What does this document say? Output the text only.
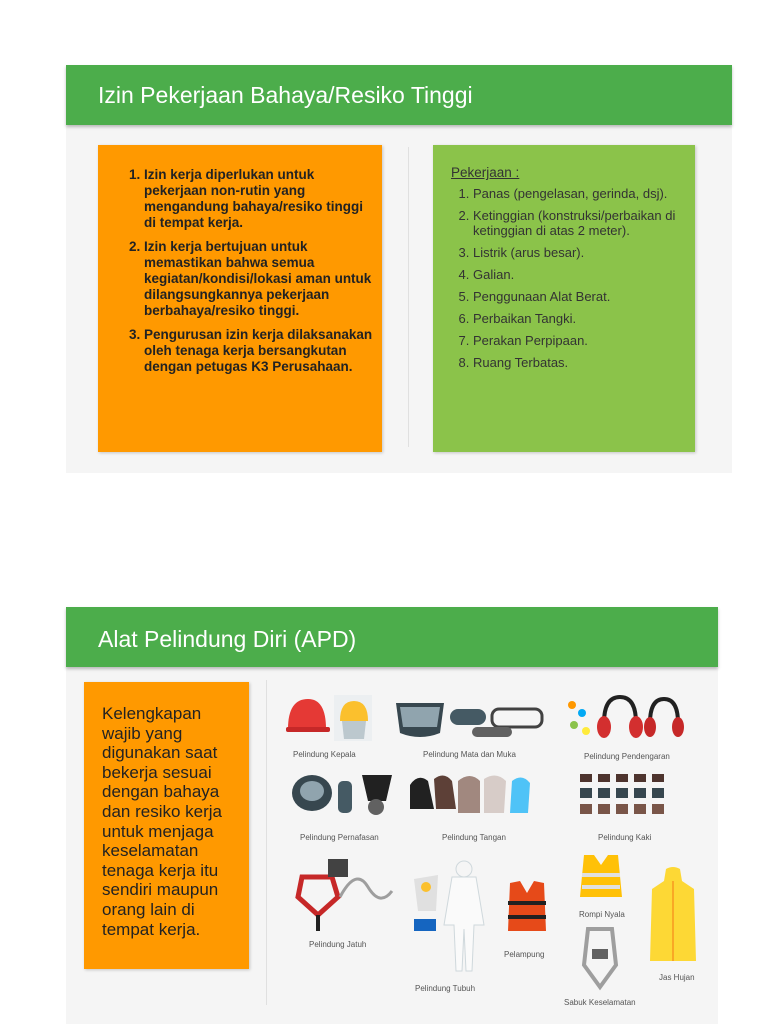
Izin Pekerjaan Bahaya/Resiko Tinggi
1. Izin kerja diperlukan untuk pekerjaan non-rutin yang mengandung bahaya/resiko tinggi di tempat kerja.
2. Izin kerja bertujuan untuk memastikan bahwa semua kegiatan/kondisi/lokasi aman untuk dilangsungkannya pekerjaan berbahaya/resiko tinggi.
3. Pengurusan izin kerja dilaksanakan oleh tenaga kerja bersangkutan dengan petugas K3 Perusahaan.
Pekerjaan :
1. Panas (pengelasan, gerinda, dsj).
2. Ketinggian (konstruksi/perbaikan di ketinggian di atas 2 meter).
3. Listrik (arus besar).
4. Galian.
5. Penggunaan Alat Berat.
6. Perbaikan Tangki.
7. Perakan Perpipaan.
8. Ruang Terbatas.
Alat Pelindung Diri (APD)
Kelengkapan wajib yang digunakan saat bekerja sesuai dengan bahaya dan resiko kerja untuk menjaga keselamatan tenaga kerja itu sendiri maupun orang lain di tempat kerja.
Pelindung Kepala	Pelindung Mata dan Muka	Pelindung Pendengaran
Pelindung Pernafasan	Pelindung Tangan	Pelindung Kaki
Rompi Nyala
Pelindung Jatuh
Pelindung Tubuh
Pelampung
Sabuk Keselamatan
Jas Hujan
